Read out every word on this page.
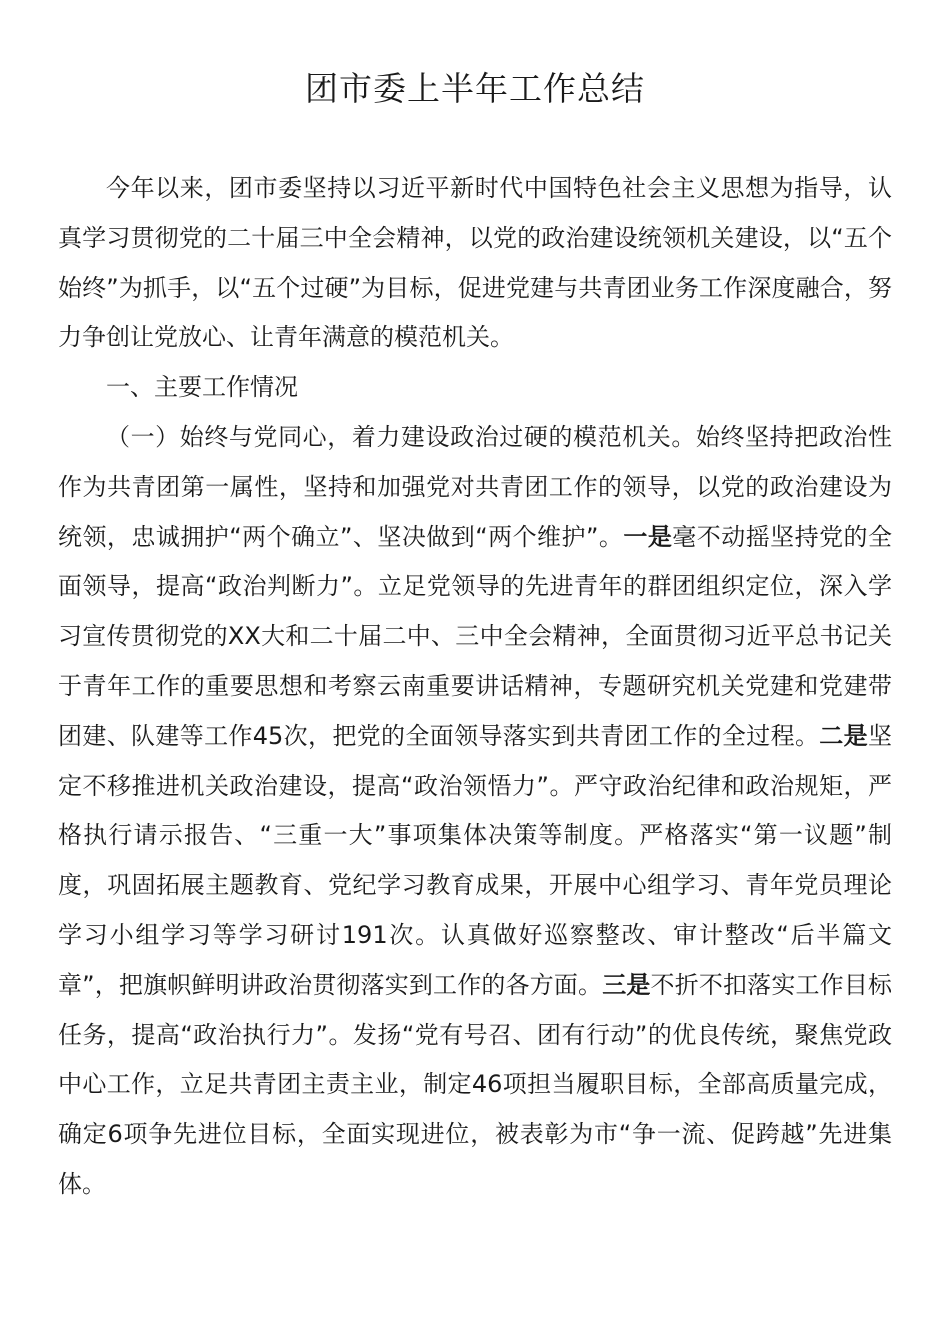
团市委上半年工作总结

今年以来，团市委坚持以习近平新时代中国特色社会主义思想为指导，认真学习贯彻党的二十届三中全会精神，以党的政治建设统领机关建设，以“五个始终”为抓手，以“五个过硬”为目标，促进党建与共青团业务工作深度融合，努力争创让党放心、让青年满意的模范机关。

一、主要工作情况

（一）始终与党同心，着力建设政治过硬的模范机关。始终坚持把政治性作为共青团第一属性，坚持和加强党对共青团工作的领导，以党的政治建设为统领，忠诚拥护“两个确立”、坚决做到“两个维护”。一是毫不动摇坚持党的全面领导，提高“政治判断力”。立足党领导的先进青年的群团组织定位，深入学习宣传贯彻党的XX大和二十届二中、三中全会精神，全面贯彻习近平总书记关于青年工作的重要思想和考察云南重要讲话精神，专题研究机关党建和党建带团建、队建等工作45次，把党的全面领导落实到共青团工作的全过程。二是坚定不移推进机关政治建设，提高“政治领悟力”。严守政治纪律和政治规矩，严格执行请示报告、“三重一大”事项集体决策等制度。严格落实“第一议题”制度，巩固拓展主题教育、党纪学习教育成果，开展中心组学习、青年党员理论学习小组学习等学习研讨191次。认真做好巡察整改、审计整改“后半篇文章”，把旗帜鲜明讲政治贯彻落实到工作的各方面。三是不折不扣落实工作目标任务，提高“政治执行力”。发扬“党有号召、团有行动”的优良传统，聚焦党政中心工作，立足共青团主责主业，制定46项担当履职目标，全部高质量完成，确定6项争先进位目标，全面实现进位，被表彰为市“争一流、促跨越”先进集体。
